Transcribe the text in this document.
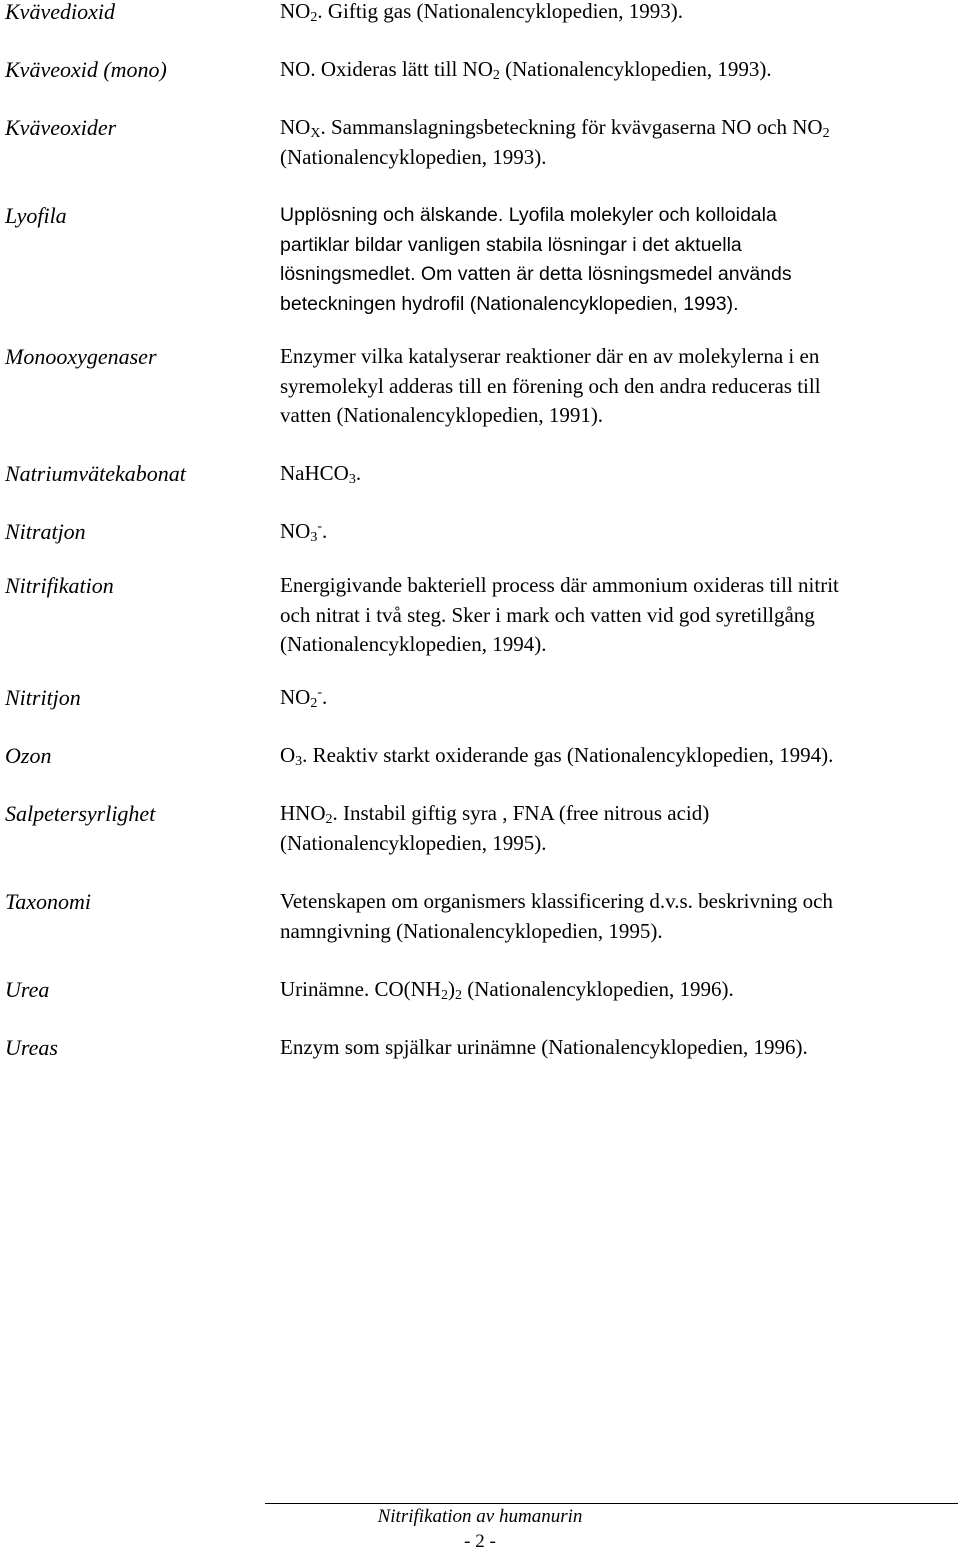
Kvävedioxid	$NO_2$. Giftig gas (Nationalencyklopedien, 1993).
Kväveoxid (mono)	NO. Oxideras lätt till $NO_2$ (Nationalencyklopedien, 1993).
Kväveoxider	$NO_X$. Sammanslagningsbeteckning för kvävgaserna NO och $NO_2$
(Nationalencyklopedien, 1993).
Lyofila	Upplösning och älskande. Lyofila molekyler och kolloidala
partiklar bildar vanligen stabila lösningar i det aktuella
lösningsmedlet. Om vatten är detta lösningsmedel används
beteckningen hydrofil (Nationalencyklopedien, 1993).
Monooxygenaser	Enzymer vilka katalyserar reaktioner där en av molekylerna i en
syremolekyl adderas till en förening och den andra reduceras till
vatten (Nationalencyklopedien, 1991).
Natriumvätekabonat	NaHCO$_3$.
Nitratjon	$NO_3^-$.
Nitrifikation	Energigivande bakteriell process där ammonium oxideras till nitrit
och nitrat i två steg. Sker i mark och vatten vid god syretillgång
(Nationalencyklopedien, 1994).
Nitritjon	$NO_2^-$.
Ozon	$O_3$. Reaktiv starkt oxiderande gas (Nationalencyklopedien, 1994).
Salpetersyrlighet	$HNO_2$. Instabil giftig syra , FNA (free nitrous acid)
(Nationalencyklopedien, 1995).
Taxonomi	Vetenskapen om organismers klassificering d.v.s. beskrivning och
namngivning (Nationalencyklopedien, 1995).
Urea	Urinämne. $CO(NH_2)_2$ (Nationalencyklopedien, 1996).
Ureas	Enzym som spjälkar urinämne (Nationalencyklopedien, 1996).
Nitrifikation av humanurin
- 2 -
